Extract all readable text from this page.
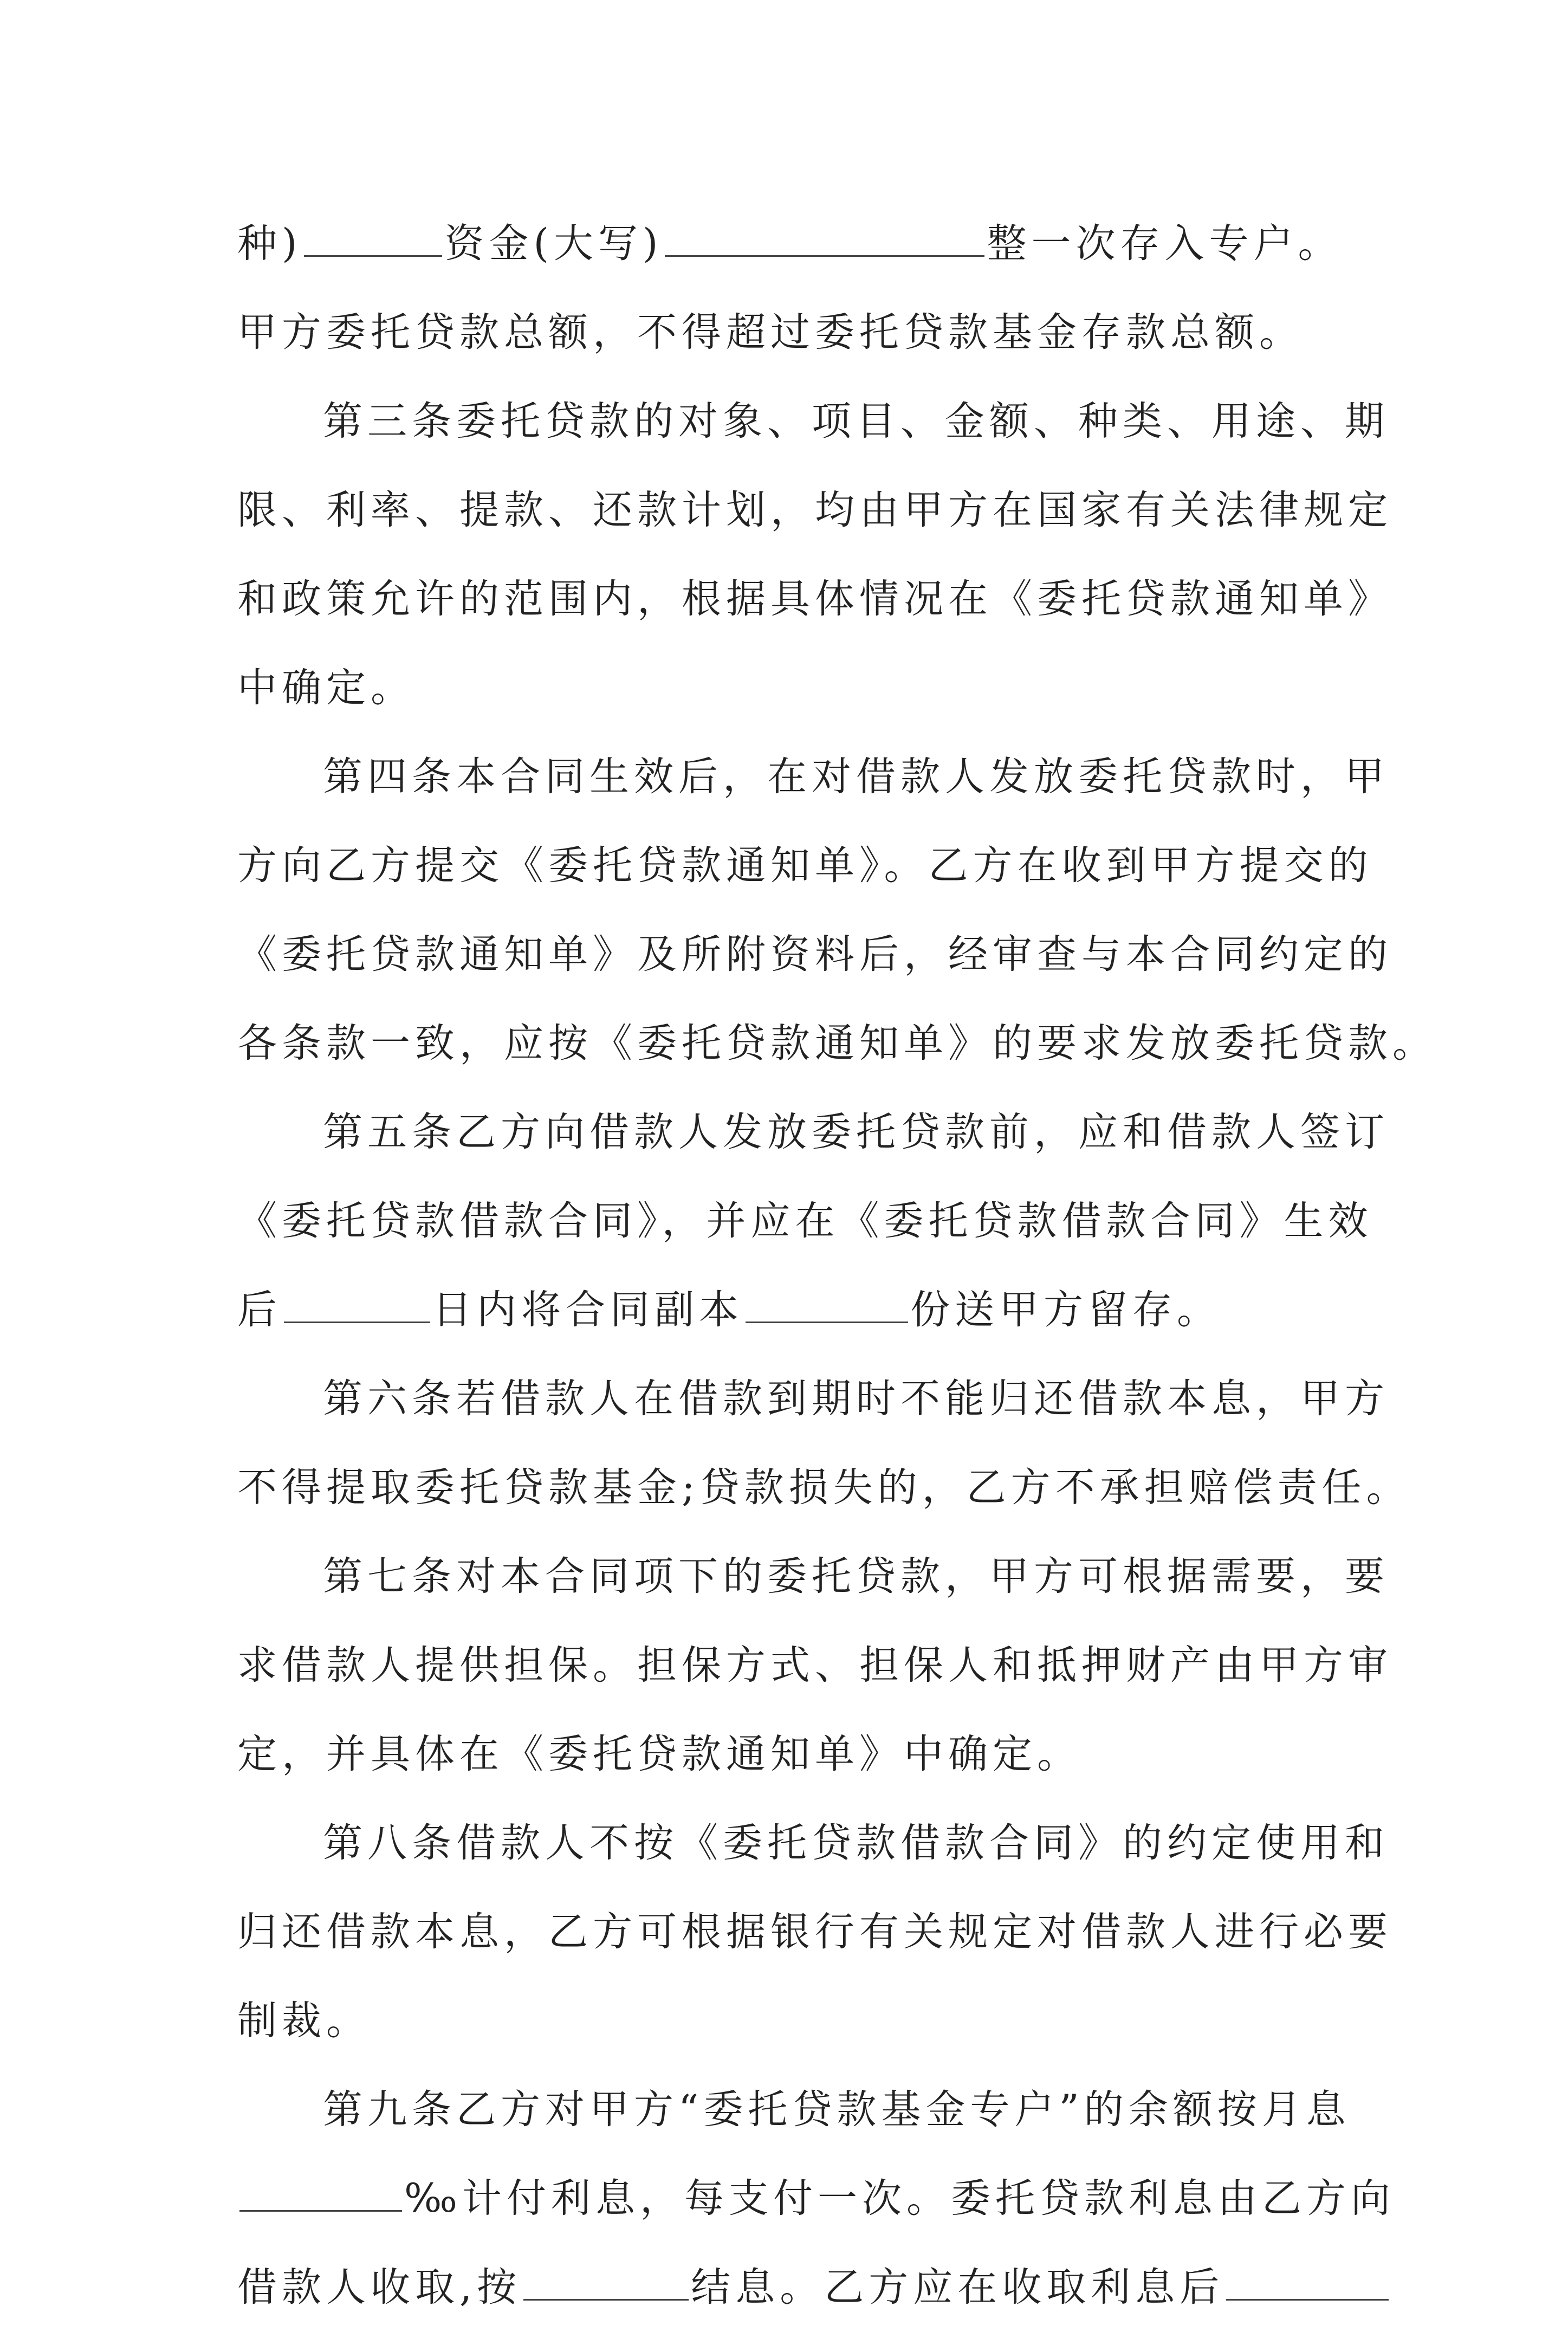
种)	资金(大写)	整一次存入专户。
甲方委托贷款总额，不得超过委托贷款基金存款总额。
第三条委托贷款的对象、项目、金额、种类、用途、期
限、利率、提款、还款计划，均由甲方在国家有关法律规定
和政策允许的范围内，根据具体情况在《委托贷款通知单》
中确定。
第四条本合同生效后，在对借款人发放委托贷款时，甲
方向乙方提交《委托贷款通知单》。乙方在收到甲方提交的
《委托贷款通知单》及所附资料后，经审查与本合同约定的
各条款一致，应按《委托贷款通知单》的要求发放委托贷款。
第五条乙方向借款人发放委托贷款前，应和借款人签订
《委托贷款借款合同》，并应在《委托贷款借款合同》生效
后	日内将合同副本	份送甲方留存。
第六条若借款人在借款到期时不能归还借款本息，甲方
不得提取委托贷款基金;贷款损失的，乙方不承担赔偿责任。
第七条对本合同项下的委托贷款，甲方可根据需要，要
求借款人提供担保。担保方式、担保人和抵押财产由甲方审
定，并具体在《委托贷款通知单》中确定。
第八条借款人不按《委托贷款借款合同》的约定使用和
归还借款本息，乙方可根据银行有关规定对借款人进行必要
制裁。
第九条乙方对甲方“委托贷款基金专户”的余额按月息
‰计付利息，每支付一次。委托贷款利息由乙方向
借款人收取,按	结息。乙方应在收取利息后
